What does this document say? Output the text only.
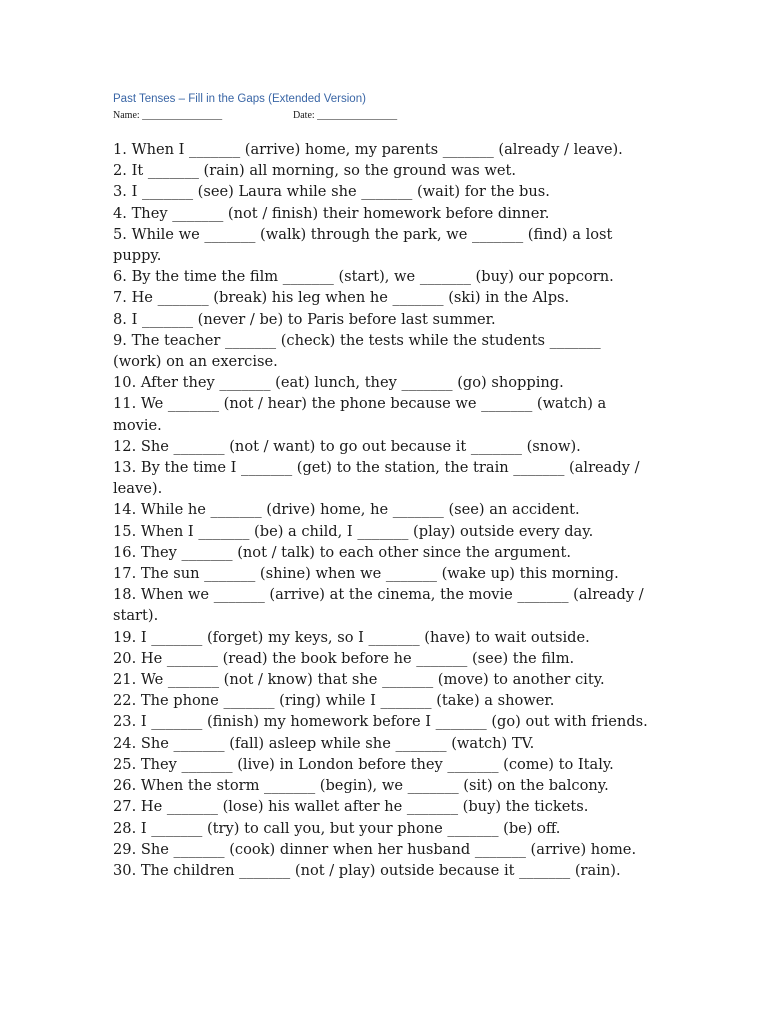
Past Tenses – Fill in the Gaps (Extended Version)
Name: ________________	Date: ________________
1. When I _______ (arrive) home, my parents _______ (already / leave).
2. It _______ (rain) all morning, so the ground was wet.
3. I _______ (see) Laura while she _______ (wait) for the bus.
4. They _______ (not / finish) their homework before dinner.
5. While we _______ (walk) through the park, we _______ (find) a lost puppy.
6. By the time the film _______ (start), we _______ (buy) our popcorn.
7. He _______ (break) his leg when he _______ (ski) in the Alps.
8. I _______ (never / be) to Paris before last summer.
9. The teacher _______ (check) the tests while the students _______ (work) on an exercise.
10. After they _______ (eat) lunch, they _______ (go) shopping.
11. We _______ (not / hear) the phone because we _______ (watch) a movie.
12. She _______ (not / want) to go out because it _______ (snow).
13. By the time I _______ (get) to the station, the train _______ (already / leave).
14. While he _______ (drive) home, he _______ (see) an accident.
15. When I _______ (be) a child, I _______ (play) outside every day.
16. They _______ (not / talk) to each other since the argument.
17. The sun _______ (shine) when we _______ (wake up) this morning.
18. When we _______ (arrive) at the cinema, the movie _______ (already / start).
19. I _______ (forget) my keys, so I _______ (have) to wait outside.
20. He _______ (read) the book before he _______ (see) the film.
21. We _______ (not / know) that she _______ (move) to another city.
22. The phone _______ (ring) while I _______ (take) a shower.
23. I _______ (finish) my homework before I _______ (go) out with friends.
24. She _______ (fall) asleep while she _______ (watch) TV.
25. They _______ (live) in London before they _______ (come) to Italy.
26. When the storm _______ (begin), we _______ (sit) on the balcony.
27. He _______ (lose) his wallet after he _______ (buy) the tickets.
28. I _______ (try) to call you, but your phone _______ (be) off.
29. She _______ (cook) dinner when her husband _______ (arrive) home.
30. The children _______ (not / play) outside because it _______ (rain).
